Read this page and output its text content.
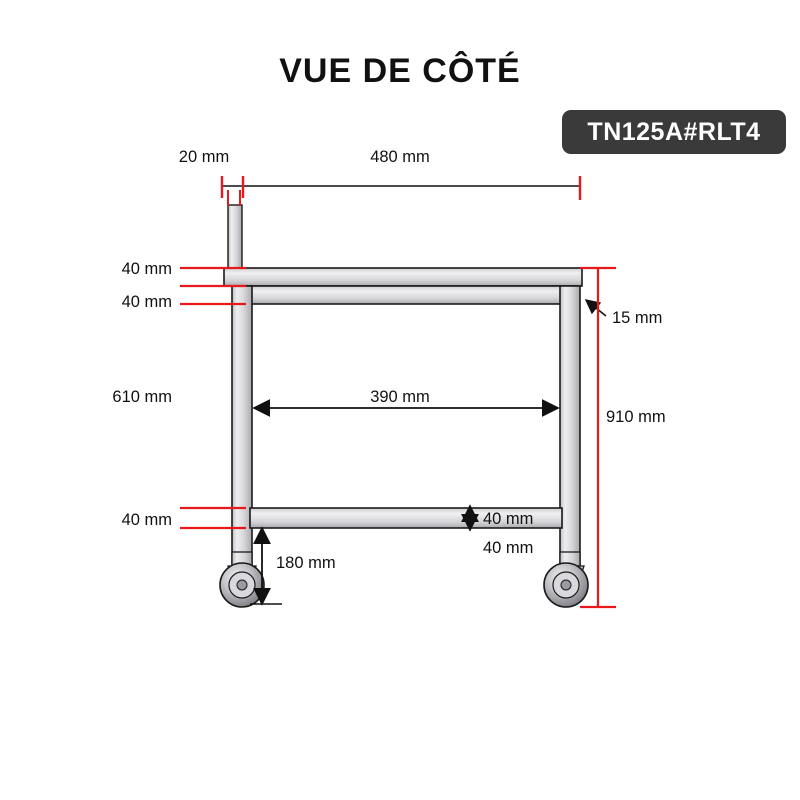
VUE DE CÔTÉ
TN125A#RLT4
20 mm	480 mm
40 mm
40 mm
15 mm
610 mm
40 mm
390 mm
910 mm
40 mm
40 mm
180 mm
